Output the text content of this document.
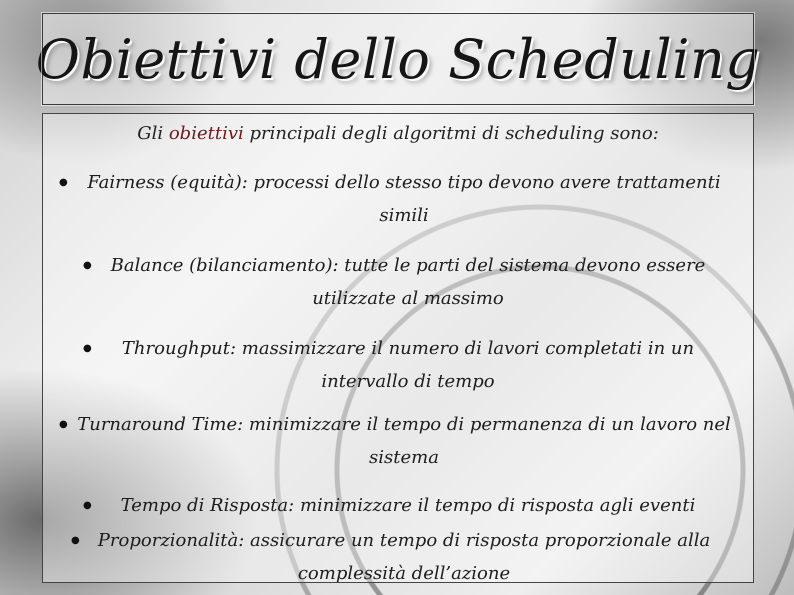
Obiettivi dello Scheduling
Gli obiettivi principali degli algoritmi di scheduling sono:
● Fairness (equità): processi dello stesso tipo devono avere trattamenti simili
● Balance (bilanciamento): tutte le parti del sistema devono essere utilizzate al massimo
● Throughput: massimizzare il numero di lavori completati in un intervallo di tempo
● Turnaround Time: minimizzare il tempo di permanenza di un lavoro nel sistema
● Tempo di Risposta: minimizzare il tempo di risposta agli eventi
● Proporzionalità: assicurare un tempo di risposta proporzionale alla complessità dell’azione
